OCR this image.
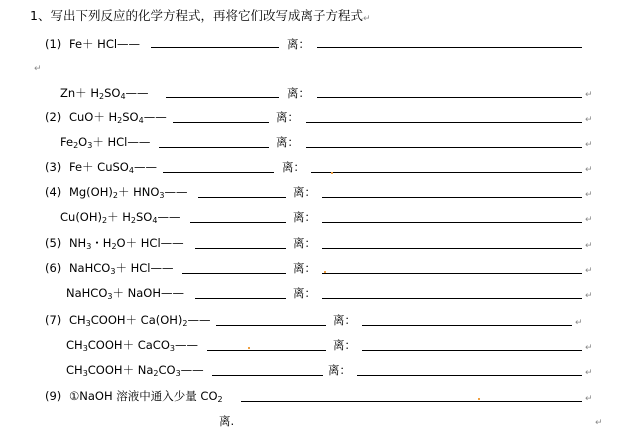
1、写出下列反应的化学方程式，再将它们改写成离子方程式↵
(1) Fe＋ HCl——	离：
↵
$Zn+ H_2SO_4——$	离：	↵
(2) $CuO+ H_2SO_4——$	离：	↵
$Fe_2O_3+$ HCl——	离：	↵
(3) Fe＋ CuSO$_4$——	离：	↵
(4) $Mg(OH)_2+$ $HNO_3——$	离：	↵
$Cu(OH)_2+$ $H_2SO_4——$	离：	↵
(5) $NH_3$・$H_2O+$ HCl——	离：	↵
(6) NaHCO$_3$＋ HCl——	离：	↵
NaHCO$_3$＋ NaOH——	离：	↵
(7) $CH_3COOH+$ $Ca(OH)_2——$	离：	↵
$CH_3COOH+$ CaCO$_3$——	离：	↵
$CH_3COOH+$ $Na_2CO_3——$	离：	↵
(9) ①NaOH 溶液中通入少量 $CO_2$	↵
离.	↵
